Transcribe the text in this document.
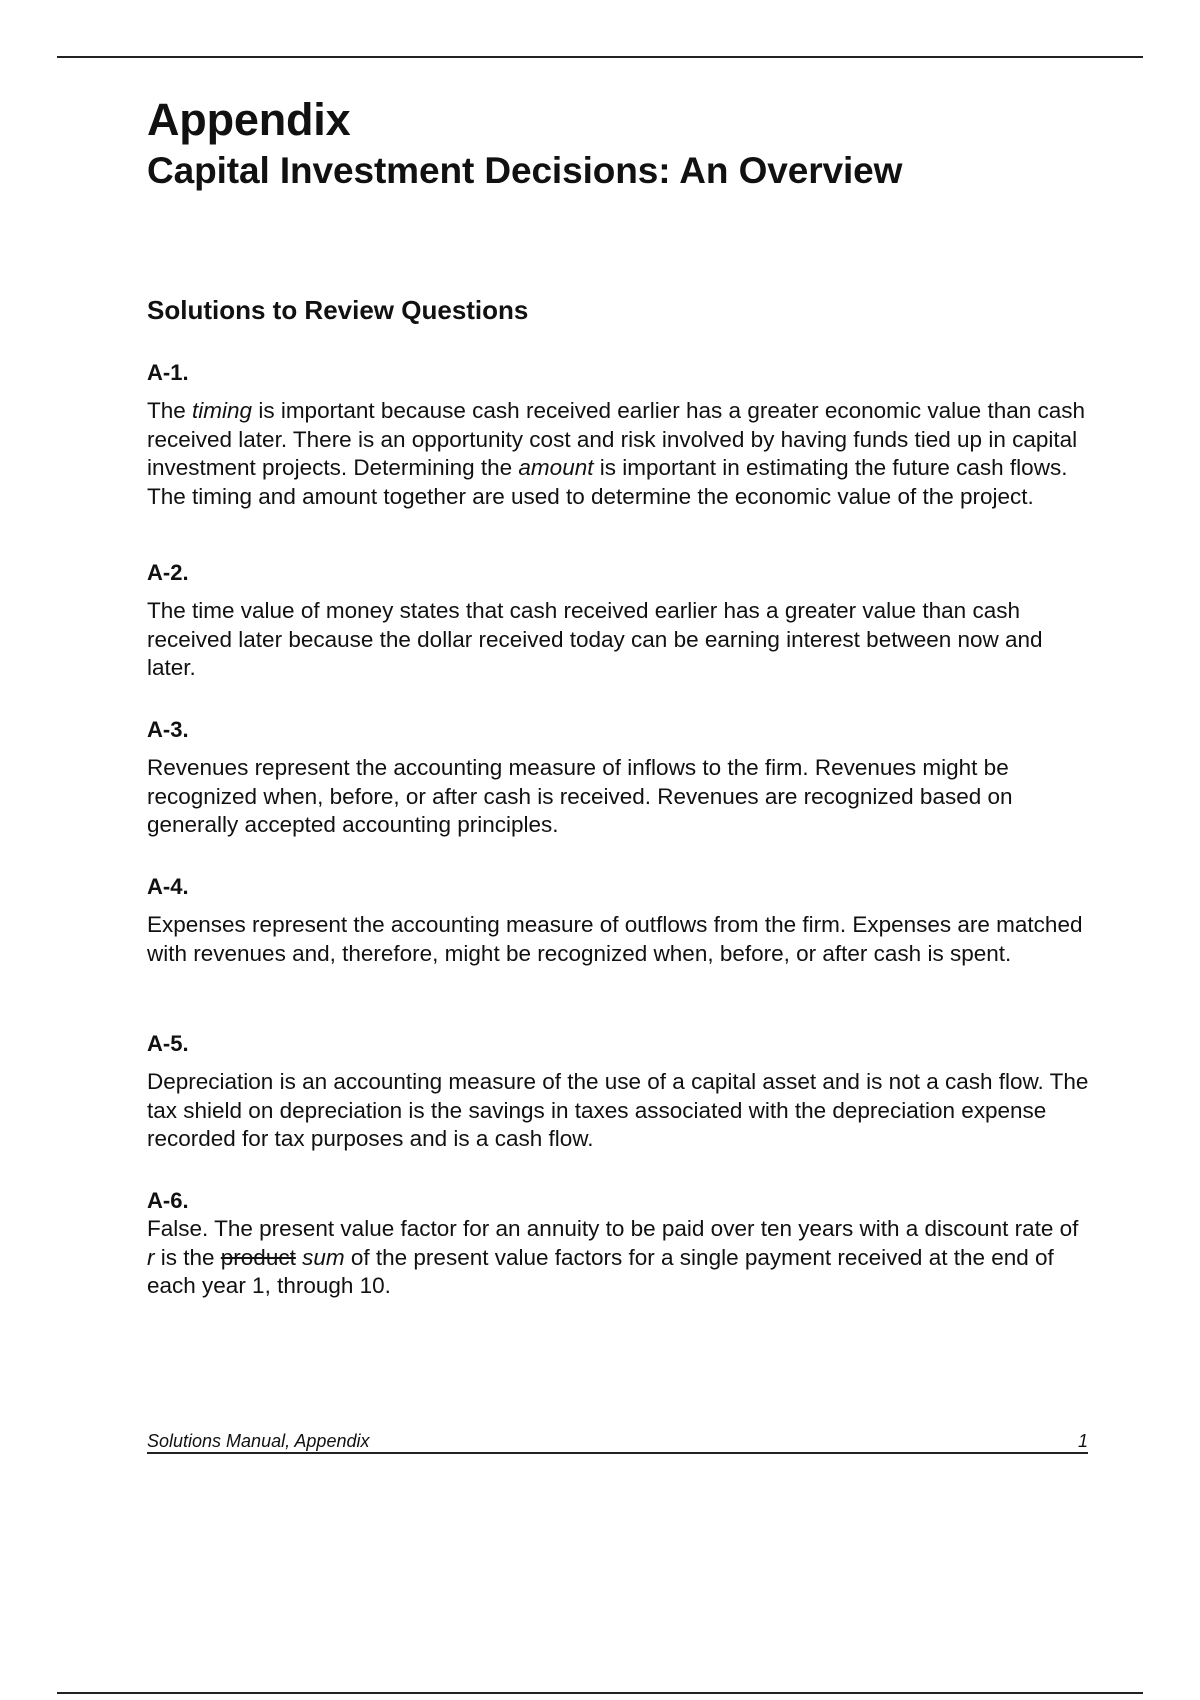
Appendix
Capital Investment Decisions: An Overview
Solutions to Review Questions

A-1.

The timing is important because cash received earlier has a greater economic value than cash received later. There is an opportunity cost and risk involved by having funds tied up in capital investment projects. Determining the amount is important in estimating the future cash flows. The timing and amount together are used to determine the economic value of the project.

A-2.

The time value of money states that cash received earlier has a greater value than cash received later because the dollar received today can be earning interest between now and later.

A-3.

Revenues represent the accounting measure of inflows to the firm. Revenues might be recognized when, before, or after cash is received. Revenues are recognized based on generally accepted accounting principles.

A-4.

Expenses represent the accounting measure of outflows from the firm. Expenses are matched with revenues and, therefore, might be recognized when, before, or after cash is spent.

A-5.

Depreciation is an accounting measure of the use of a capital asset and is not a cash flow. The tax shield on depreciation is the savings in taxes associated with the depreciation expense recorded for tax purposes and is a cash flow.

A-6.

False. The present value factor for an annuity to be paid over ten years with a discount rate of r is the product sum of the present value factors for a single payment received at the end of each year 1, through 10.

Solutions Manual, Appendix	1
